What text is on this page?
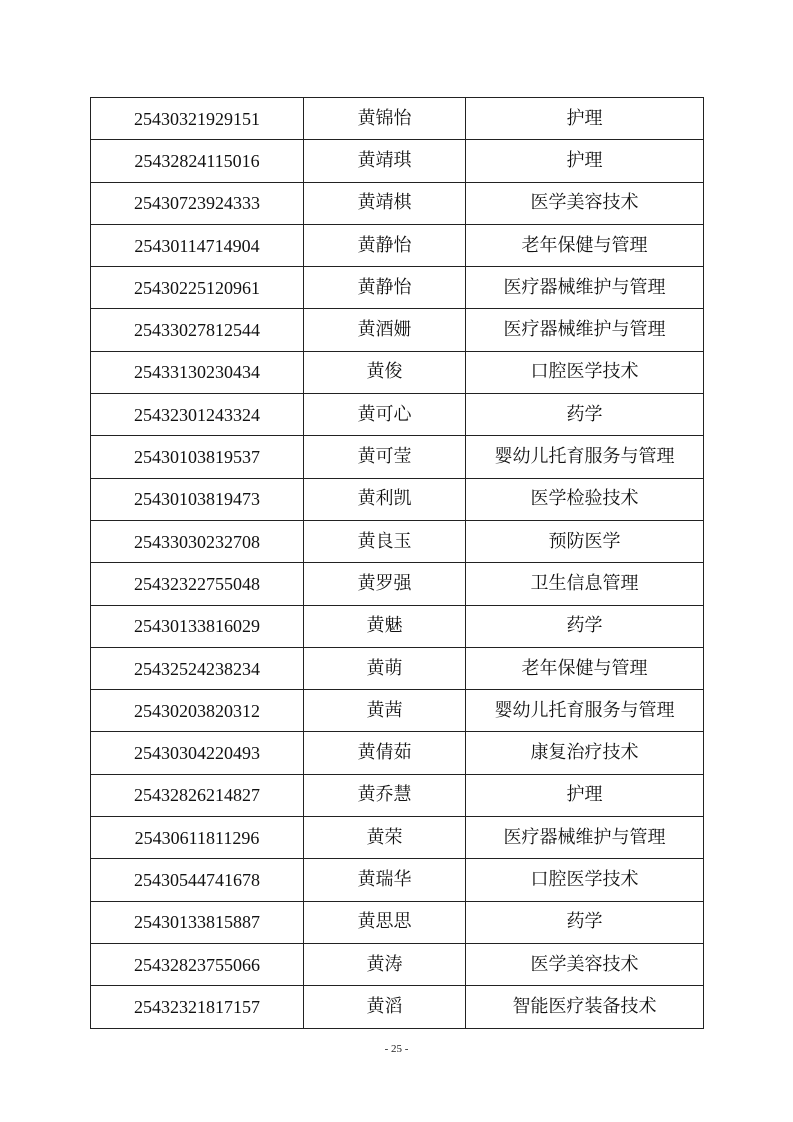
25430321929151	黄锦怡	护理
25432824115016	黄靖琪	护理
25430723924333	黄靖棋	医学美容技术
25430114714904	黄静怡	老年保健与管理
25430225120961	黄静怡	医疗器械维护与管理
25433027812544	黄酒姗	医疗器械维护与管理
25433130230434	黄俊	口腔医学技术
25432301243324	黄可心	药学
25430103819537	黄可莹	婴幼儿托育服务与管理
25430103819473	黄利凯	医学检验技术
25433030232708	黄良玉	预防医学
25432322755048	黄罗强	卫生信息管理
25430133816029	黄魅	药学
25432524238234	黄萌	老年保健与管理
25430203820312	黄茜	婴幼儿托育服务与管理
25430304220493	黄倩茹	康复治疗技术
25432826214827	黄乔慧	护理
25430611811296	黄荣	医疗器械维护与管理
25430544741678	黄瑞华	口腔医学技术
25430133815887	黄思思	药学
25432823755066	黄涛	医学美容技术
25432321817157	黄滔	智能医疗装备技术
- 25 -
